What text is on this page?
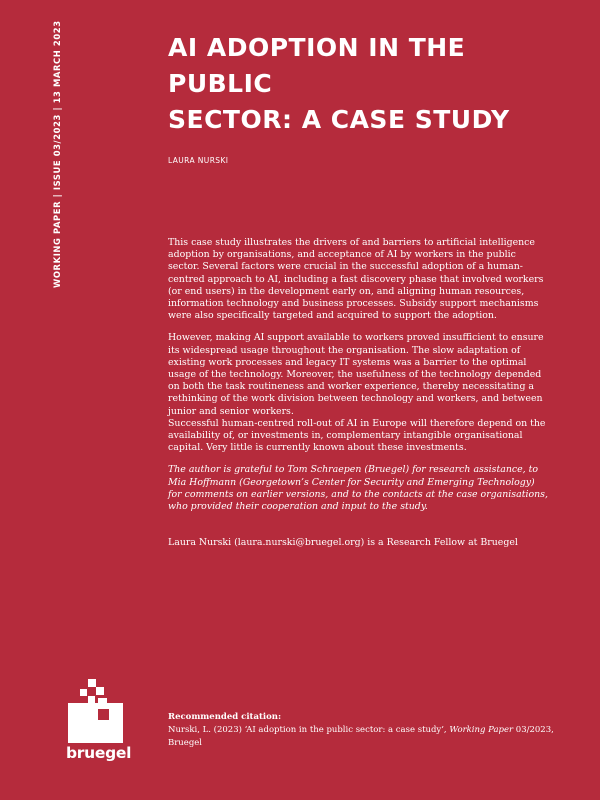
WORKING PAPER | ISSUE 03/2023 | 13 MARCH 2023	AI ADOPTION IN THE PUBLIC
SECTOR: A CASE STUDY
LAURA NURSKI

This case study illustrates the drivers of and barriers to artificial intelligence adoption by organisations, and acceptance of AI by workers in the public sector. Several factors were crucial in the successful adoption of a human-centred approach to AI, including a fast discovery phase that involved workers (or end users) in the development early on, and aligning human resources, information technology and business processes. Subsidy support mechanisms were also specifically targeted and acquired to support the adoption.

However, making AI support available to workers proved insufficient to ensure its widespread usage throughout the organisation. The slow adaptation of existing work processes and legacy IT systems was a barrier to the optimal usage of the technology. Moreover, the usefulness of the technology depended on both the task routineness and worker experience, thereby necessitating a rethinking of the work division between technology and workers, and between junior and senior workers.

Successful human-centred roll-out of AI in Europe will therefore depend on the availability of, or investments in, complementary intangible organisational capital. Very little is currently known about these investments.

The author is grateful to Tom Schraepen (Bruegel) for research assistance, to Mia Hoffmann (Georgetown’s Center for Security and Emerging Technology) for comments on earlier versions, and to the contacts at the case organisations, who provided their cooperation and input to the study.

Laura Nurski (laura.nurski@bruegel.org) is a Research Fellow at Bruegel
bruegel
Recommended citation:
Nurski, L. (2023) ‘AI adoption in the public sector: a case study’, Working Paper 03/2023, Bruegel
